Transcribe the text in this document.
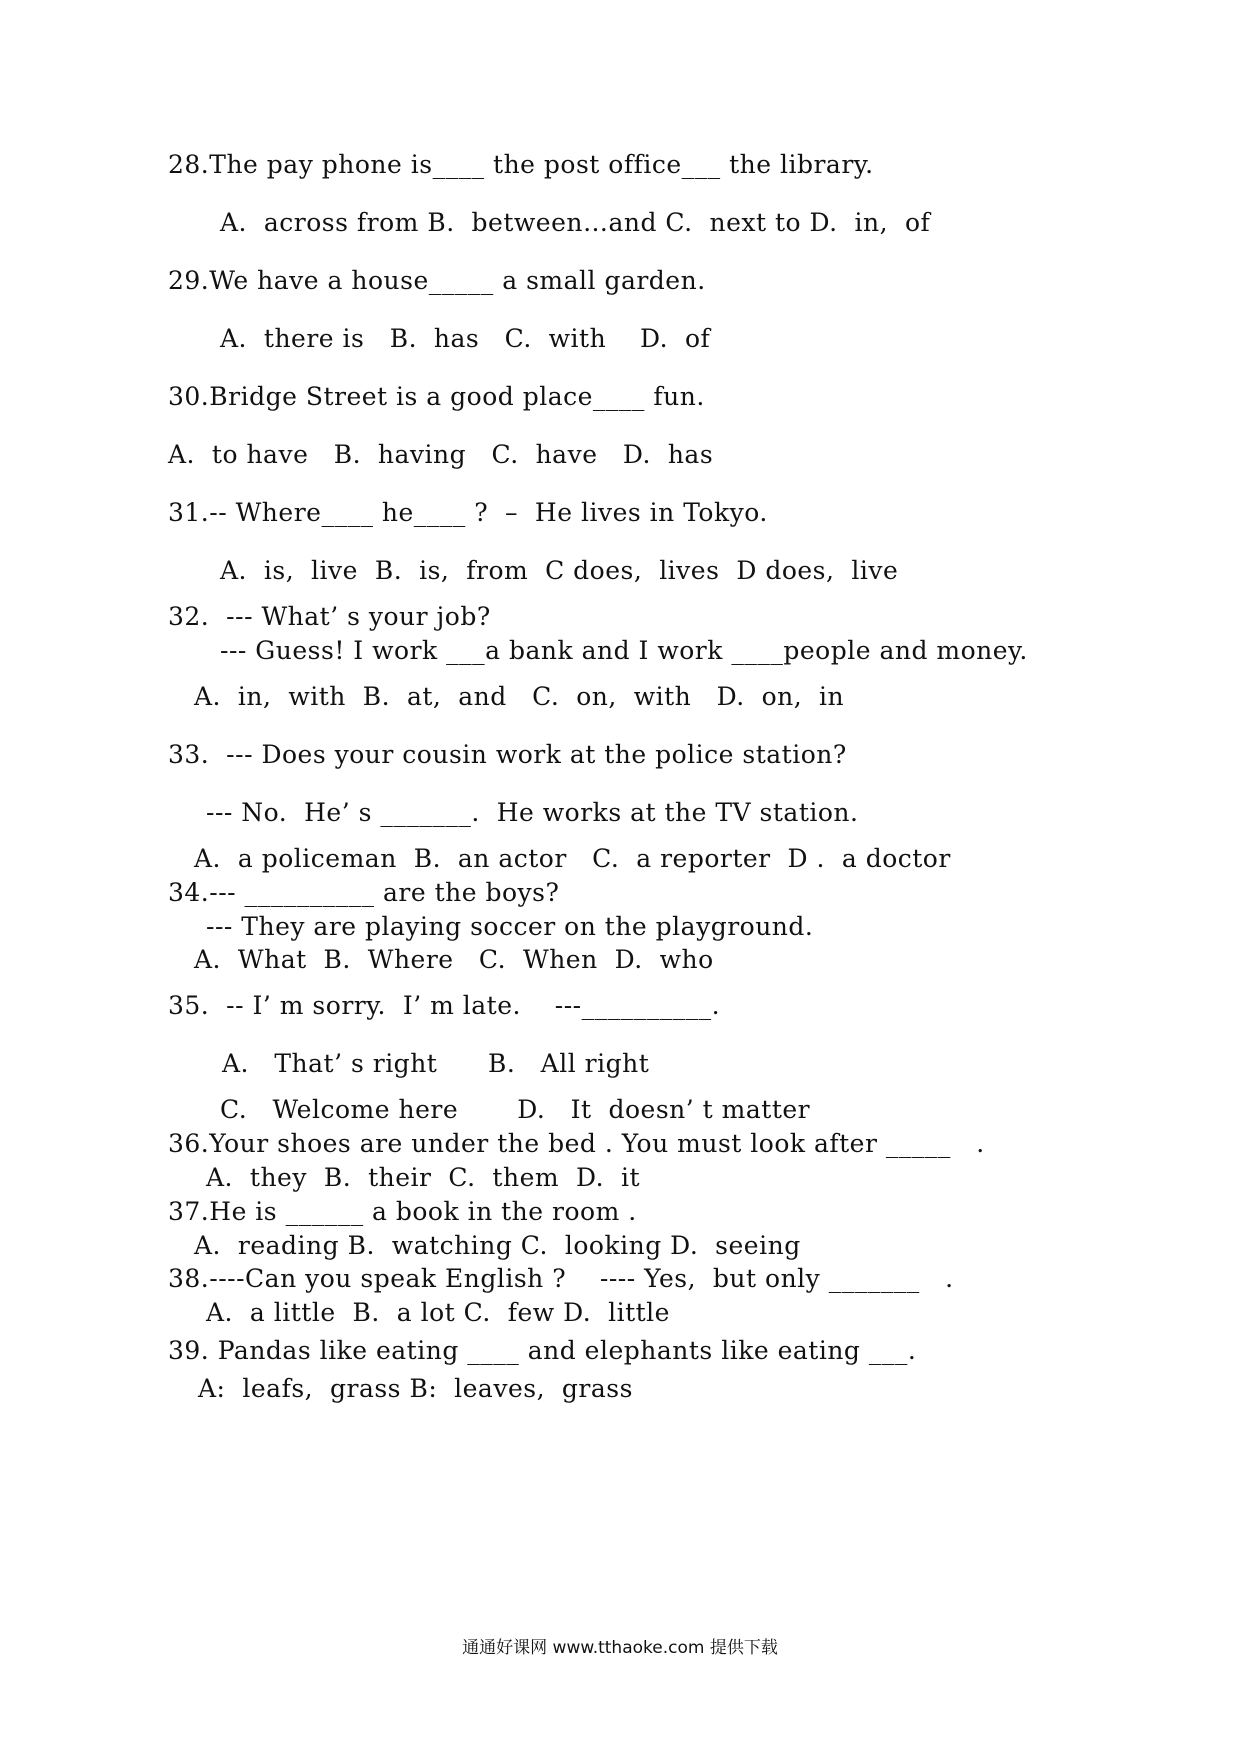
28.The pay phone is____ the post office___ the library.
A.  across from B.  between…and C.  next to D.  in,  of
29.We have a house_____ a small garden.
A.  there is   B.  has   C.  with    D.  of
30.Bridge Street is a good place____ fun.
A.  to have   B.  having   C.  have   D.  has
31.-- Where____ he____ ?  –  He lives in Tokyo.
A.  is,  live  B.  is,  from  C does,  lives  D does,  live
32. --- What’ s your job?
--- Guess! I work ___a bank and I work ____people and money.
A.  in,  with  B.  at,  and   C.  on,  with   D.  on,  in
33. --- Does your cousin work at the police station?
--- No.  He’ s _______.  He works at the TV station.
A.  a policeman  B.  an actor   C.  a reporter  D .  a doctor
34.--- __________ are the boys?
--- They are playing soccer on the playground.
A.  What  B.  Where   C.  When  D.  who
35. -- I’ m sorry.  I’ m late.    ---__________.
A.   That’ s right      B.   All right
C.   Welcome here       D.   It  doesn’ t matter
36.Your shoes are under the bed . You must look after _____   .
A.  they  B.  their  C.  them  D.  it
37.He is ______ a book in the room .
A.  reading B.  watching C.  looking D.  seeing
38.----Can you speak English ?    ---- Yes,  but only _______   .
A.  a little  B.  a lot C.  few D.  little
39. Pandas like eating ____ and elephants like eating ___.
A:  leafs,  grass B:  leaves,  grass
通通好课网 www.tthaoke.com 提供下载
